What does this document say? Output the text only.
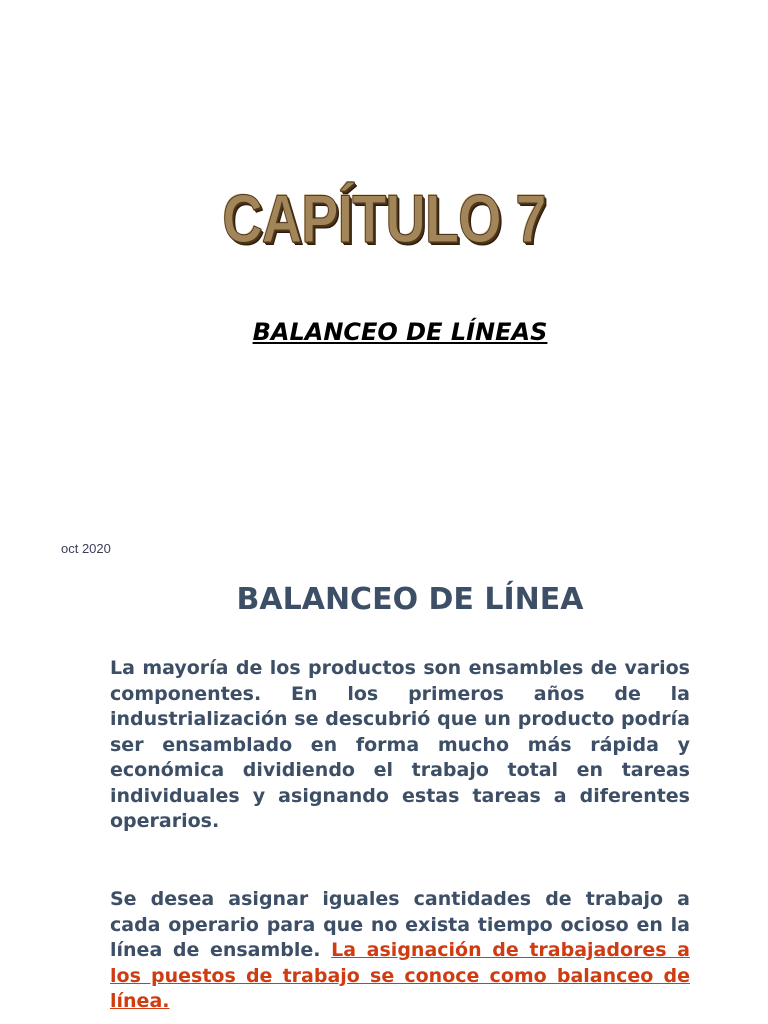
CAPÍTULO 7
BALANCEO DE LÍNEAS
oct 2020
BALANCEO DE LÍNEA

La mayoría de los productos son ensambles de varios componentes. En los primeros años de la industrialización se descubrió que un producto podría ser ensamblado en forma mucho más rápida y económica dividiendo el trabajo total en tareas individuales y asignando estas tareas a diferentes operarios.

Se desea asignar iguales cantidades de trabajo a cada operario para que no exista tiempo ocioso en la línea de ensamble. La asignación de trabajadores a los puestos de trabajo se conoce como balanceo de línea.
